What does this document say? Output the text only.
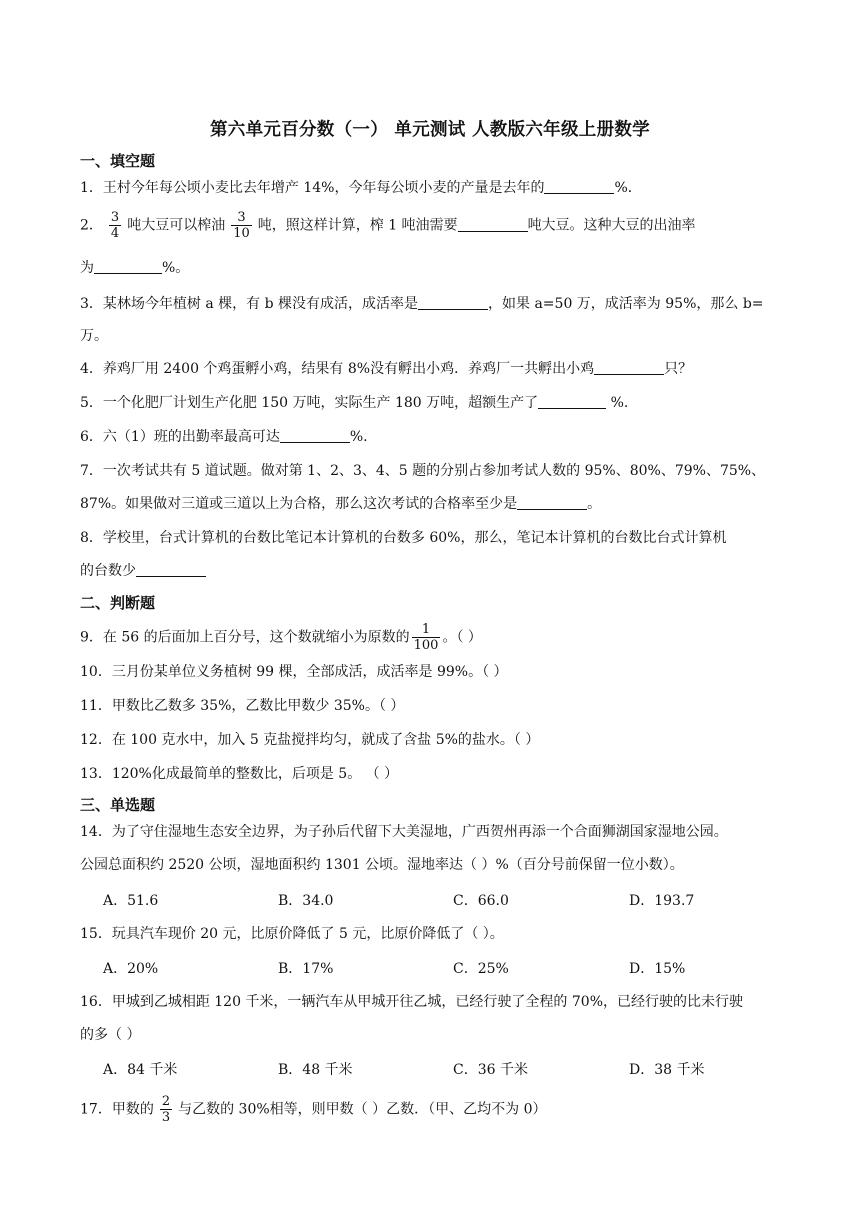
第六单元百分数（一） 单元测试 人教版六年级上册数学
一、填空题
1．王村今年每公顷小麦比去年增产 14%，今年每公顷小麦的产量是去年的	%．
2． $\frac{3}{4}$ 吨大豆可以榨油 $\frac{3}{10}$ 吨，照这样计算，榨 1 吨油需要	吨大豆。这种大豆的出油率
为	%。
3．某林场今年植树 a 棵，有 b 棵没有成活，成活率是	，如果 a=50 万，成活率为 95%，那么 b=
万。
4．养鸡厂用 2400 个鸡蛋孵小鸡，结果有 8%没有孵出小鸡．养鸡厂一共孵出小鸡	只？
5．一个化肥厂计划生产化肥 150 万吨，实际生产 180 万吨，超额生产了	%.
6．六（1）班的出勤率最高可达	%.
7．一次考试共有 5 道试题。做对第 1、2、3、4、5 题的分别占参加考试人数的 95%、80%、79%、75%、
87%。如果做对三道或三道以上为合格，那么这次考试的合格率至少是	。
8．学校里，台式计算机的台数比笔记本计算机的台数多 60%，那么，笔记本计算机的台数比台式计算机
的台数少
二、判断题
9．在 56 的后面加上百分号，这个数就缩小为原数的 $\frac{1}{100}$ 。（ ）
10．三月份某单位义务植树 99 棵，全部成活，成活率是 99%。（ ）
11．甲数比乙数多 35%，乙数比甲数少 35%。（ ）
12．在 100 克水中，加入 5 克盐搅拌均匀，就成了含盐 5%的盐水。（ ）
13．120%化成最简单的整数比，后项是 5。 （ ）
三、单选题
14．为了守住湿地生态安全边界，为子孙后代留下大美湿地，广西贺州再添一个合面狮湖国家湿地公园。
公园总面积约 2520 公顷，湿地面积约 1301 公顷。湿地率达（ ）%（百分号前保留一位小数）。
A．51.6	B．34.0	C．66.0	D．193.7
15．玩具汽车现价 20 元，比原价降低了 5 元，比原价降低了（ ）。
A．20%	B．17%	C．25%	D．15%
16．甲城到乙城相距 120 千米，一辆汽车从甲城开往乙城，已经行驶了全程的 70%，已经行驶的比未行驶
的多（ ）
A．84 千米	B．48 千米	C．36 千米	D．38 千米
17．甲数的 $\frac{2}{3}$ 与乙数的 30%相等，则甲数（ ）乙数．（甲、乙均不为 0）
